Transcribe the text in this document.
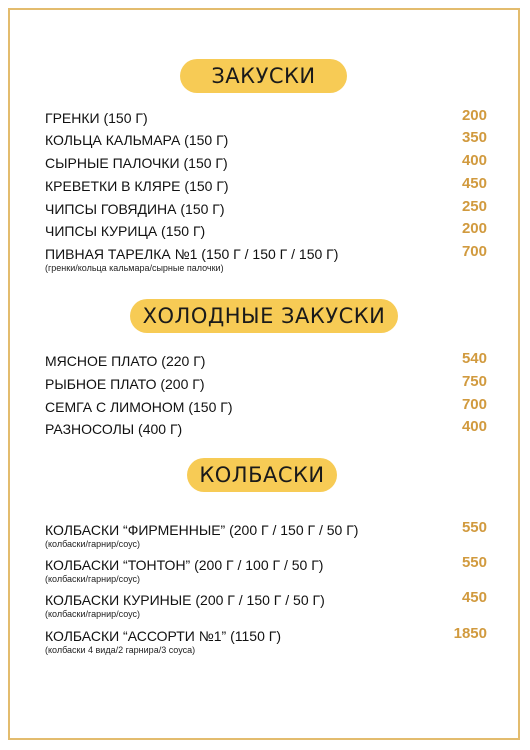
ЗАКУСКИ
ГРЕНКИ (150 Г)	200
КОЛЬЦА КАЛЬМАРА (150 Г)	350
СЫРНЫЕ ПАЛОЧКИ (150 Г)	400
КРЕВЕТКИ В КЛЯРЕ (150 Г)	450
ЧИПСЫ ГОВЯДИНА (150 Г)	250
ЧИПСЫ КУРИЦА (150 Г)	200
ПИВНАЯ ТАРЕЛКА №1 (150 Г / 150 Г / 150 Г)	700
(гренки/кольца кальмара/сырные палочки)
ХОЛОДНЫЕ ЗАКУСКИ
МЯСНОЕ ПЛАТО (220 Г)	540
РЫБНОЕ ПЛАТО (200 Г)	750
СЕМГА С ЛИМОНОМ (150 Г)	700
РАЗНОСОЛЫ (400 Г)	400
КОЛБАСКИ
КОЛБАСКИ “ФИРМЕННЫЕ” (200 Г / 150 Г / 50 Г)	550
(колбаски/гарнир/соус)
КОЛБАСКИ “ТОНТОН” (200 Г / 100 Г / 50 Г)	550
(колбаски/гарнир/соус)
КОЛБАСКИ КУРИНЫЕ (200 Г / 150 Г / 50 Г)	450
(колбаски/гарнир/соус)
КОЛБАСКИ “АССОРТИ №1” (1150 Г)	1850
(колбаски 4 вида/2 гарнира/3 соуса)
